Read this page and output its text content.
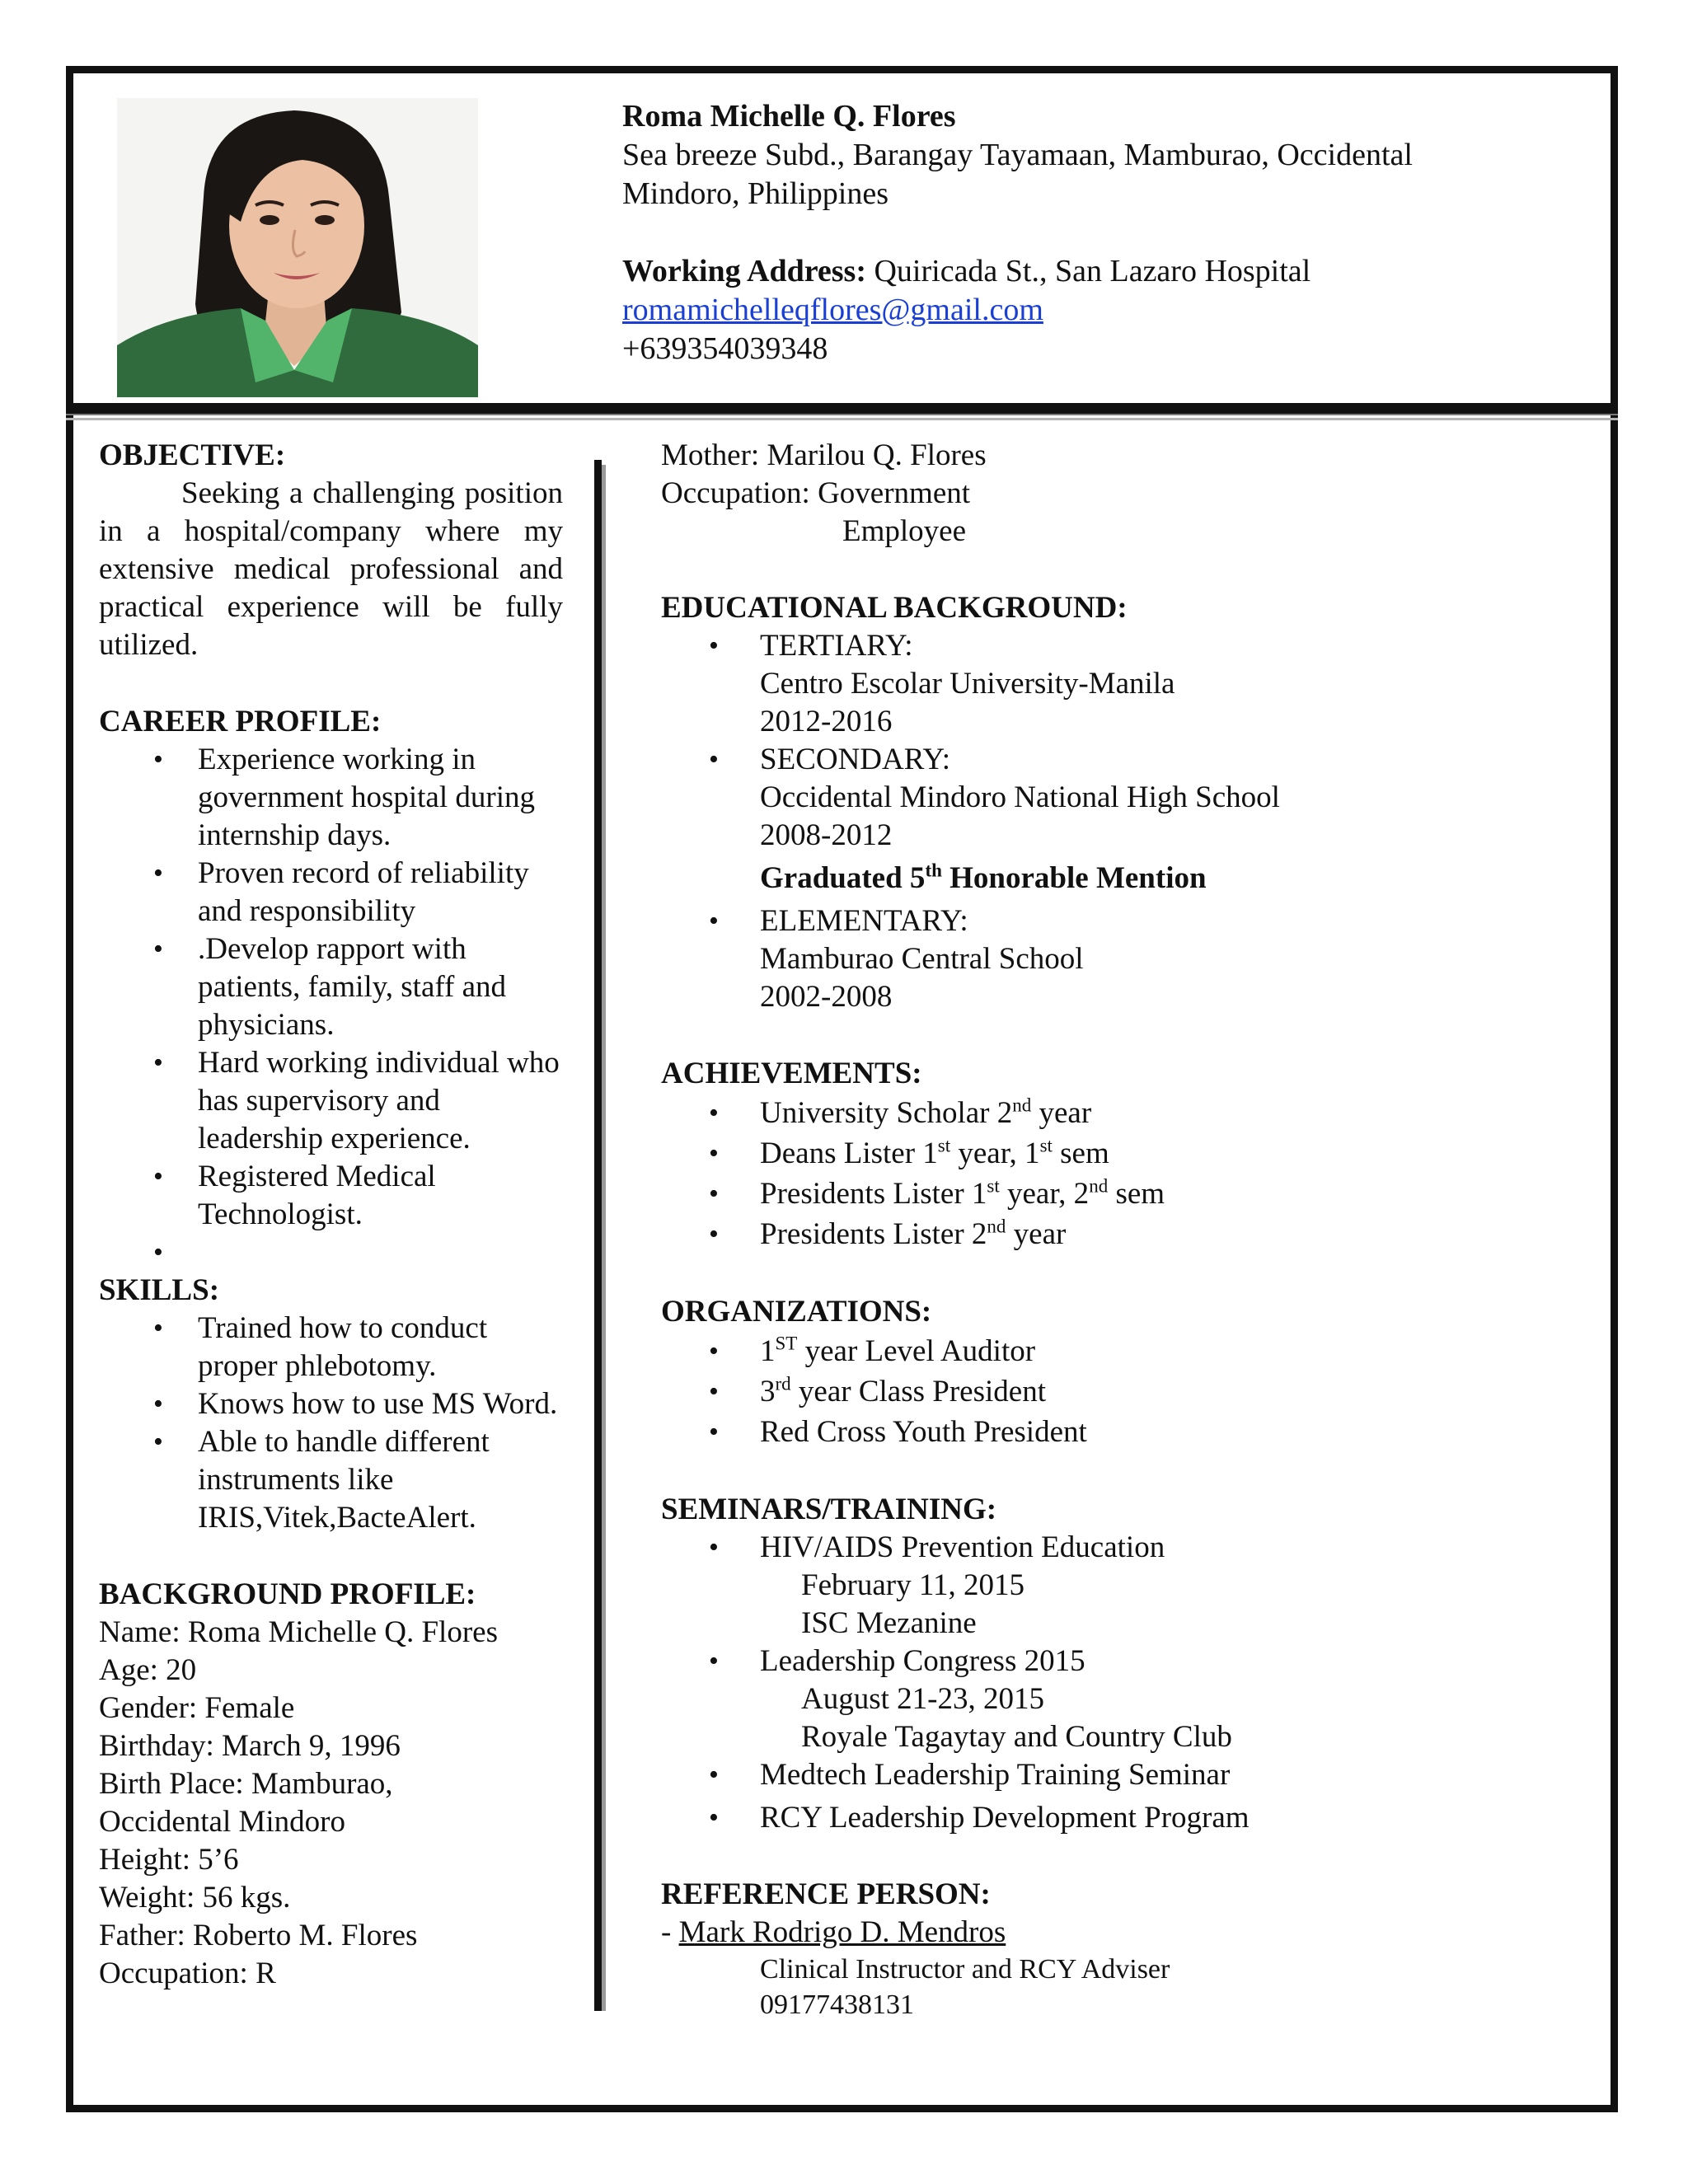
Roma Michelle Q. Flores

Sea breeze Subd., Barangay Tayamaan, Mamburao, Occidental

Mindoro, Philippines

Working Address: Quiricada St., San Lazaro Hospital

romamichelleqflores@gmail.com

+639354039348

OBJECTIVE:

Seeking a challenging position in a hospital/company where my extensive medical professional and practical experience will be fully utilized.

CAREER PROFILE:

• Experience working in government hospital during internship days.
• Proven record of reliability and responsibility
• .Develop rapport with patients, family, staff and physicians.
• Hard working individual who has supervisory and leadership experience.
• Registered Medical Technologist.
•

SKILLS:

• Trained how to conduct proper phlebotomy.
• Knows how to use MS Word.
• Able to handle different instruments like IRIS,Vitek,BacteAlert.

BACKGROUND PROFILE:

Name: Roma Michelle Q. Flores

Age: 20

Gender: Female

Birthday: March 9, 1996

Birth Place: Mamburao,

Occidental Mindoro

Height: 5’6

Weight: 56 kgs.

Father: Roberto M. Flores

Occupation: R

Mother: Marilou Q. Flores

Occupation: Government

Employee

EDUCATIONAL BACKGROUND:

• TERTIARY:

Centro Escolar University-Manila

2012-2016

• SECONDARY:

Occidental Mindoro National High School

2008-2012

Graduated 5th Honorable Mention

• ELEMENTARY:

Mamburao Central School

2002-2008

ACHIEVEMENTS:

• University Scholar 2nd year
• Deans Lister 1st year, 1st sem
• Presidents Lister 1st year, 2nd sem
• Presidents Lister 2nd year

ORGANIZATIONS:

• 1ST year Level Auditor
• 3rd year Class President
• Red Cross Youth President

SEMINARS/TRAINING:

• HIV/AIDS Prevention Education

February 11, 2015

ISC Mezanine

• Leadership Congress 2015

August 21-23, 2015

Royale Tagaytay and Country Club

• Medtech Leadership Training Seminar

• RCY Leadership Development Program

REFERENCE PERSON:

- Mark Rodrigo D. Mendros

Clinical Instructor and RCY Adviser

09177438131
